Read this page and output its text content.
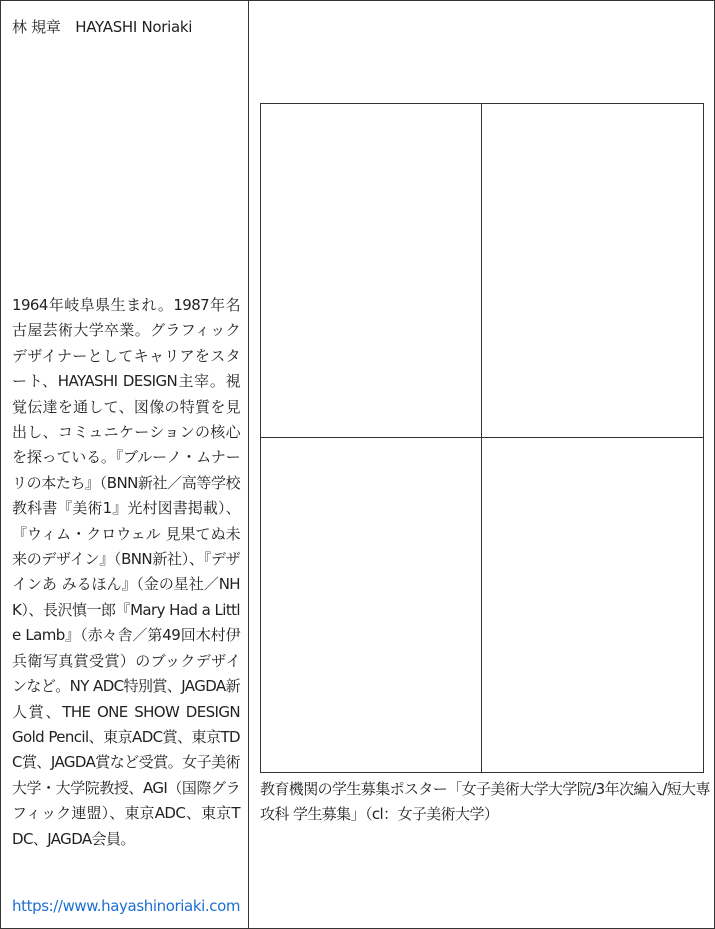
林 規章　HAYASHI Noriaki

1964年岐阜県生まれ。1987年名古屋芸術大学卒業。グラフィックデザイナーとしてキャリアをスタート、HAYASHI DESIGN主宰。視覚伝達を通して、図像の特質を見出し、コミュニケーションの核心を探っている。『ブルーノ・ムナーリの本たち』（BNN新社／高等学校教科書『美術1』光村図書掲載）、『ウィム・クロウェル 見果てぬ未来のデザイン』（BNN新社）、『デザインあ みるほん』（金の星社／NHK）、長沢慎一郎『Mary Had a Little Lamb』（赤々舎／第49回木村伊兵衛写真賞受賞）のブックデザインなど。NY ADC特別賞、JAGDA新人賞、THE ONE SHOW DESIGN Gold Pencil、東京ADC賞、東京TDC賞、JAGDA賞など受賞。女子美術大学・大学院教授、AGI（国際グラフィック連盟）、東京ADC、東京TDC、JAGDA会員。

https://www.hayashinoriaki.com

教育機関の学生募集ポスター「女子美術大学大学院/3年次編入/短大専攻科 学生募集」（cl：女子美術大学）
